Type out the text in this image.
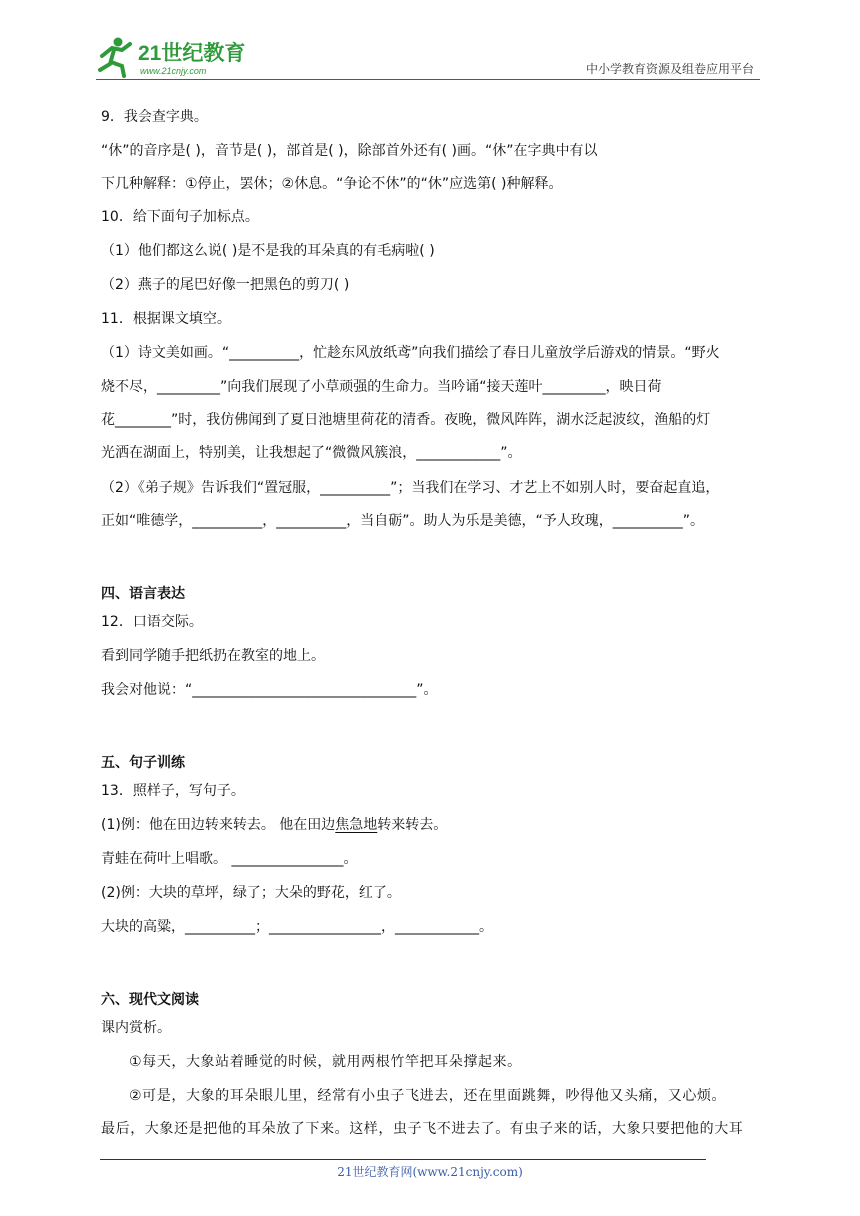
21世纪教育
www.21cnjy.com	中小学教育资源及组卷应用平台
9．我会查字典。
“休”的音序是( )，音节是( )，部首是( )，除部首外还有( )画。“休”在字典中有以
下几种解释：①停止，罢休；②休息。“争论不休”的“休”应选第( )种解释。
10．给下面句子加标点。
（1）他们都这么说( )是不是我的耳朵真的有毛病啦( )
（2）燕子的尾巴好像一把黑色的剪刀( )
11．根据课文填空。
（1）诗文美如画。“__________，忙趁东风放纸鸢”向我们描绘了春日儿童放学后游戏的情景。“野火
烧不尽，_________”向我们展现了小草顽强的生命力。当吟诵“接天莲叶_________，映日荷
花________”时，我仿佛闻到了夏日池塘里荷花的清香。夜晚，微风阵阵，湖水泛起波纹，渔船的灯
光洒在湖面上，特别美，让我想起了“微微风簇浪，____________”。
（2）《弟子规》告诉我们“置冠服，__________”；当我们在学习、才艺上不如别人时，要奋起直追，
正如“唯德学，__________，__________，当自砺”。助人为乐是美德，“予人玫瑰，__________”。
四、语言表达
12．口语交际。
看到同学随手把纸扔在教室的地上。
我会对他说：“________________________________”。
五、句子训练
13．照样子，写句子。
(1)例：他在田边转来转去。 他在田边焦急地转来转去。
青蛙在荷叶上唱歌。 ________________。
(2)例：大块的草坪，绿了；大朵的野花，红了。
大块的高粱，__________；________________，____________。
六、现代文阅读
课内赏析。
①每天，大象站着睡觉的时候，就用两根竹竿把耳朵撑起来。
②可是，大象的耳朵眼儿里，经常有小虫子飞进去，还在里面跳舞，吵得他又头痛，又心烦。
最后，大象还是把他的耳朵放了下来。这样，虫子飞不进去了。有虫子来的话，大象只要把他的大耳
21世纪教育网(www.21cnjy.com)
